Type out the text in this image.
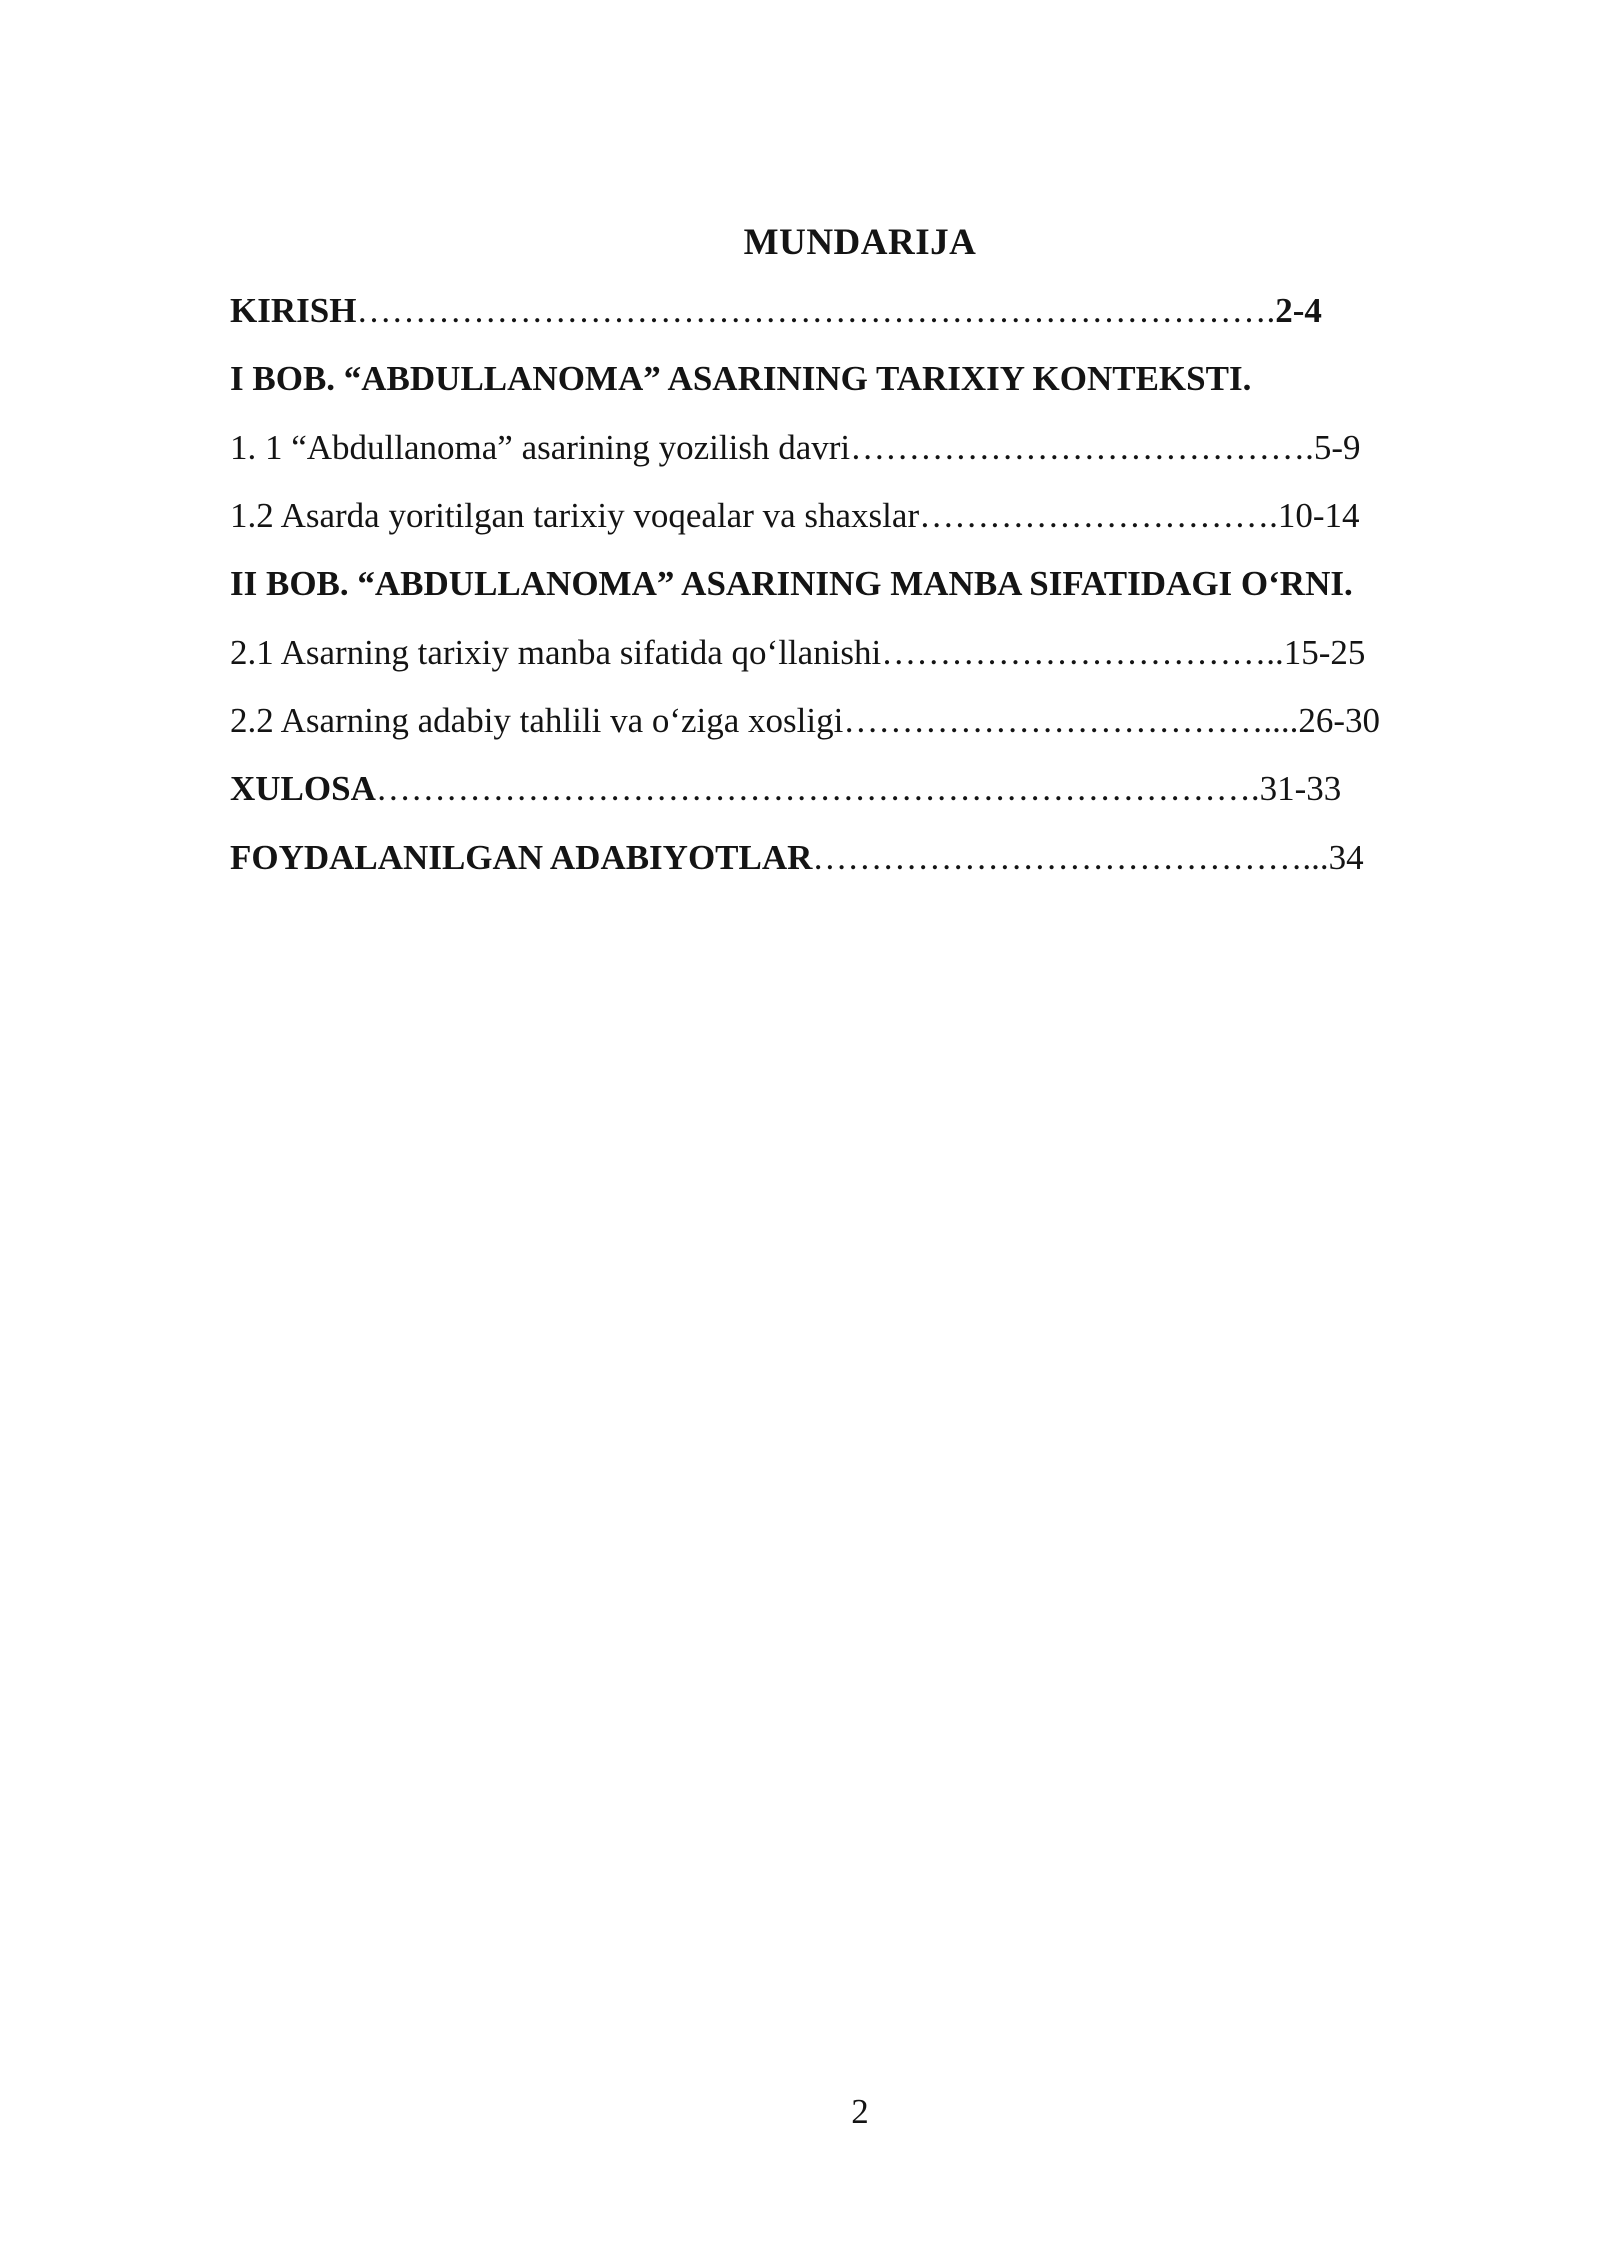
MUNDARIJA
KIRISH…………………………………………………………………….2-4
I BOB. “ABDULLANOMA” ASARINING TARIXIY KONTEKSTI.
1. 1 “Abdullanoma” asarining yozilish davri………………………………….5-9
1.2 Asarda yoritilgan tarixiy voqealar va shaxslar………………………….10-14
II BOB. “ABDULLANOMA” ASARINING MANBA SIFATIDAGI O‘RNI.
2.1 Asarning tarixiy manba sifatida qo‘llanishi……………………………..15-25
2.2 Asarning adabiy tahlili va o‘ziga xosligi………………………………....26-30
XULOSA………………………………………………………………….31-33
FOYDALANILGAN ADABIYOTLAR……………………………………...34
2
